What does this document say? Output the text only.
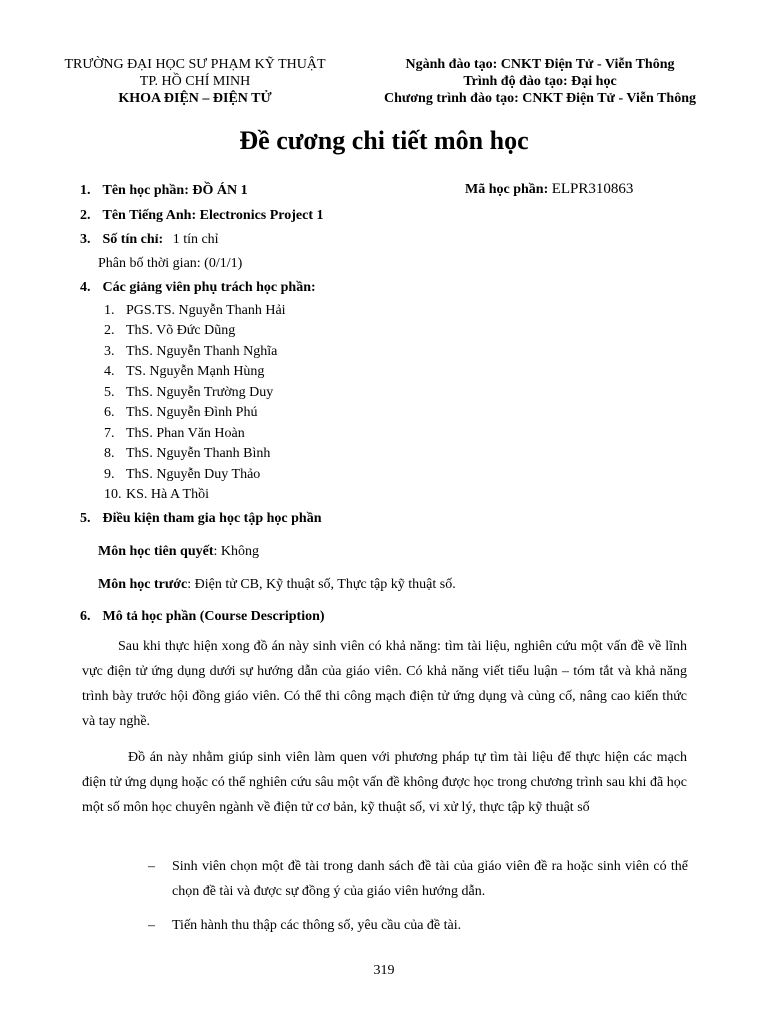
TRƯỜNG ĐẠI HỌC SƯ PHẠM KỸ THUẬT
TP. HỒ CHÍ MINH
KHOA ĐIỆN – ĐIỆN TỬ
Ngành đào tạo: CNKT Điện Tử - Viễn Thông
Trình độ đào tạo: Đại học
Chương trình đào tạo: CNKT Điện Tử - Viễn Thông
Đề cương chi tiết môn học
1. Tên học phần: ĐỒ ÁN 1	Mã học phần: ELPR310863
2. Tên Tiếng Anh: Electronics Project 1
3. Số tín chỉ: 1 tín chỉ
Phân bố thời gian: (0/1/1)
4. Các giảng viên phụ trách học phần:
1. PGS.TS. Nguyễn Thanh Hải
2. ThS. Võ Đức Dũng
3. ThS. Nguyễn Thanh Nghĩa
4. TS. Nguyễn Mạnh Hùng
5. ThS. Nguyễn Trường Duy
6. ThS. Nguyễn Đình Phú
7. ThS. Phan Văn Hoàn
8. ThS. Nguyễn Thanh Bình
9. ThS. Nguyễn Duy Thảo
10. KS. Hà A Thồi
5. Điều kiện tham gia học tập học phần
Môn học tiên quyết: Không
Môn học trước: Điện tử CB, Kỹ thuật số, Thực tập kỹ thuật số.
6. Mô tả học phần (Course Description)
Sau khi thực hiện xong đồ án này sinh viên có khả năng: tìm tài liệu, nghiên cứu một vấn đề về lĩnh vực điện tử ứng dụng dưới sự hướng dẫn của giáo viên. Có khả năng viết tiểu luận – tóm tắt và khả năng trình bày trước hội đồng giáo viên. Có thể thi công mạch điện tử ứng dụng và củng cố, nâng cao kiến thức và tay nghề.
Đồ án này nhằm giúp sinh viên làm quen với phương pháp tự tìm tài liệu để thực hiện các mạch điện tử ứng dụng hoặc có thể nghiên cứu sâu một vấn đề không được học trong chương trình sau khi đã học một số môn học chuyên ngành về điện tử cơ bản, kỹ thuật số, vi xử lý, thực tập kỹ thuật số
– Sinh viên chọn một đề tài trong danh sách đề tài của giáo viên đề ra hoặc sinh viên có thể chọn đề tài và được sự đồng ý của giáo viên hướng dẫn.
– Tiến hành thu thập các thông số, yêu cầu của đề tài.
319
